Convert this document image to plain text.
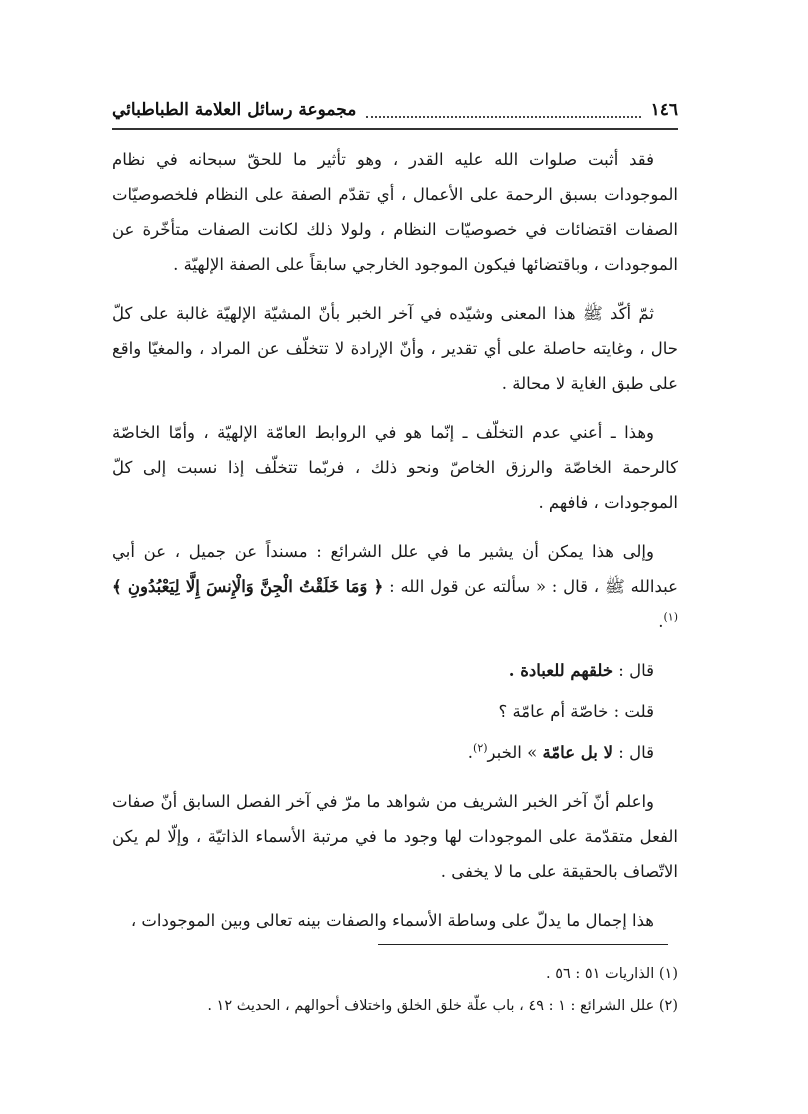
١٤٦
مجموعة رسائل العلامة الطباطبائي

فقد أثبت صلوات الله عليه القدر ، وهو تأثير ما للحقّ سبحانه في نظام الموجودات بسبق الرحمة على الأعمال ، أي تقدّم الصفة على النظام فلخصوصيّات الصفات اقتضائات في خصوصيّات النظام ، ولولا ذلك لكانت الصفات متأخّرة عن الموجودات ، وباقتضائها فيكون الموجود الخارجي سابقاً على الصفة الإلهيّة .

ثمّ أكّد ﷺ هذا المعنى وشيّده في آخر الخبر بأنّ المشيّة الإلهيّة غالبة على كلّ حال ، وغايته حاصلة على أي تقدير ، وأنّ الإرادة لا تتخلّف عن المراد ، والمغيّا واقع على طبق الغاية لا محالة .

وهذا ـ أعني عدم التخلّف ـ إنّما هو في الروابط العامّة الإلهيّة ، وأمّا الخاصّة كالرحمة الخاصّة والرزق الخاصّ ونحو ذلك ، فربّما تتخلّف إذا نسبت إلى كلّ الموجودات ، فافهم .

وإلى هذا يمكن أن يشير ما في علل الشرائع : مسنداً عن جميل ، عن أبي عبدالله ﷺ ، قال : « سألته عن قول الله : ﴿ وَمَا خَلَقْتُ الْجِنَّ وَالْإِنسَ إِلَّا لِيَعْبُدُونِ ﴾$^{(١)}$.

قال : خلقهم للعبادة .

قلت : خاصّة أم عامّة ؟

قال : لا بل عامّة » الخبر$^{(٢)}$.

واعلم أنّ آخر الخبر الشريف من شواهد ما مرّ في آخر الفصل السابق أنّ صفات الفعل متقدّمة على الموجودات لها وجود ما في مرتبة الأسماء الذاتيّة ، وإلّا لم يكن الاتّصاف بالحقيقة على ما لا يخفى .

هذا إجمال ما يدلّ على وساطة الأسماء والصفات بينه تعالى وبين الموجودات ،

(١) الذاريات ٥١ : ٥٦ .

(٢) علل الشرائع : ١ : ٤٩ ، باب علّة خلق الخلق واختلاف أحوالهم ، الحديث ١٢ .
